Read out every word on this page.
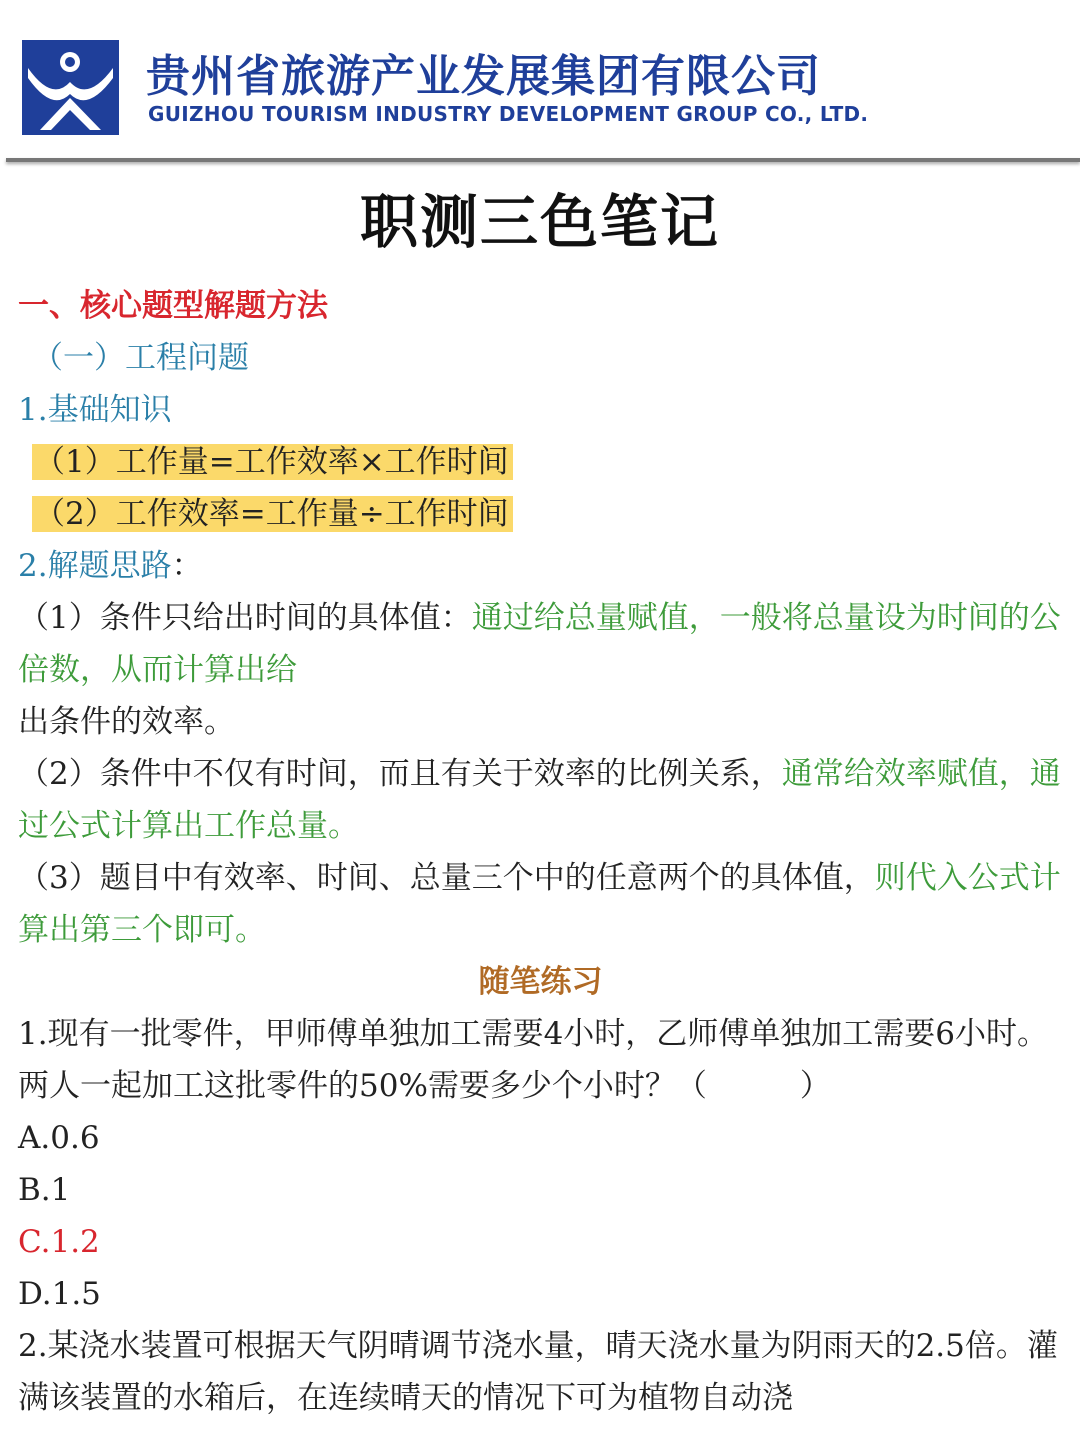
贵州省旅游产业发展集团有限公司
GUIZHOU TOURISM INDUSTRY DEVELOPMENT GROUP CO., LTD.
职测三色笔记
一、核心题型解题方法
（一）工程问题
1.基础知识
（1）工作量=工作效率×工作时间
（2）工作效率=工作量÷工作时间
2.解题思路：
（1）条件只给出时间的具体值：通过给总量赋值，一般将总量设为时间的公倍数，从而计算出给
出条件的效率。
（2）条件中不仅有时间，而且有关于效率的比例关系，通常给效率赋值，通过公式计算出工作总量。
（3）题目中有效率、时间、总量三个中的任意两个的具体值，则代入公式计算出第三个即可。
随笔练习
1.现有一批零件，甲师傅单独加工需要4小时，乙师傅单独加工需要6小时。两人一起加工这批零件的50%需要多少个小时？（　　　）
A.0.6
B.1
C.1.2
D.1.5
2.某浇水装置可根据天气阴晴调节浇水量，晴天浇水量为阴雨天的2.5倍。灌满该装置的水箱后，在连续晴天的情况下可为植物自动浇
